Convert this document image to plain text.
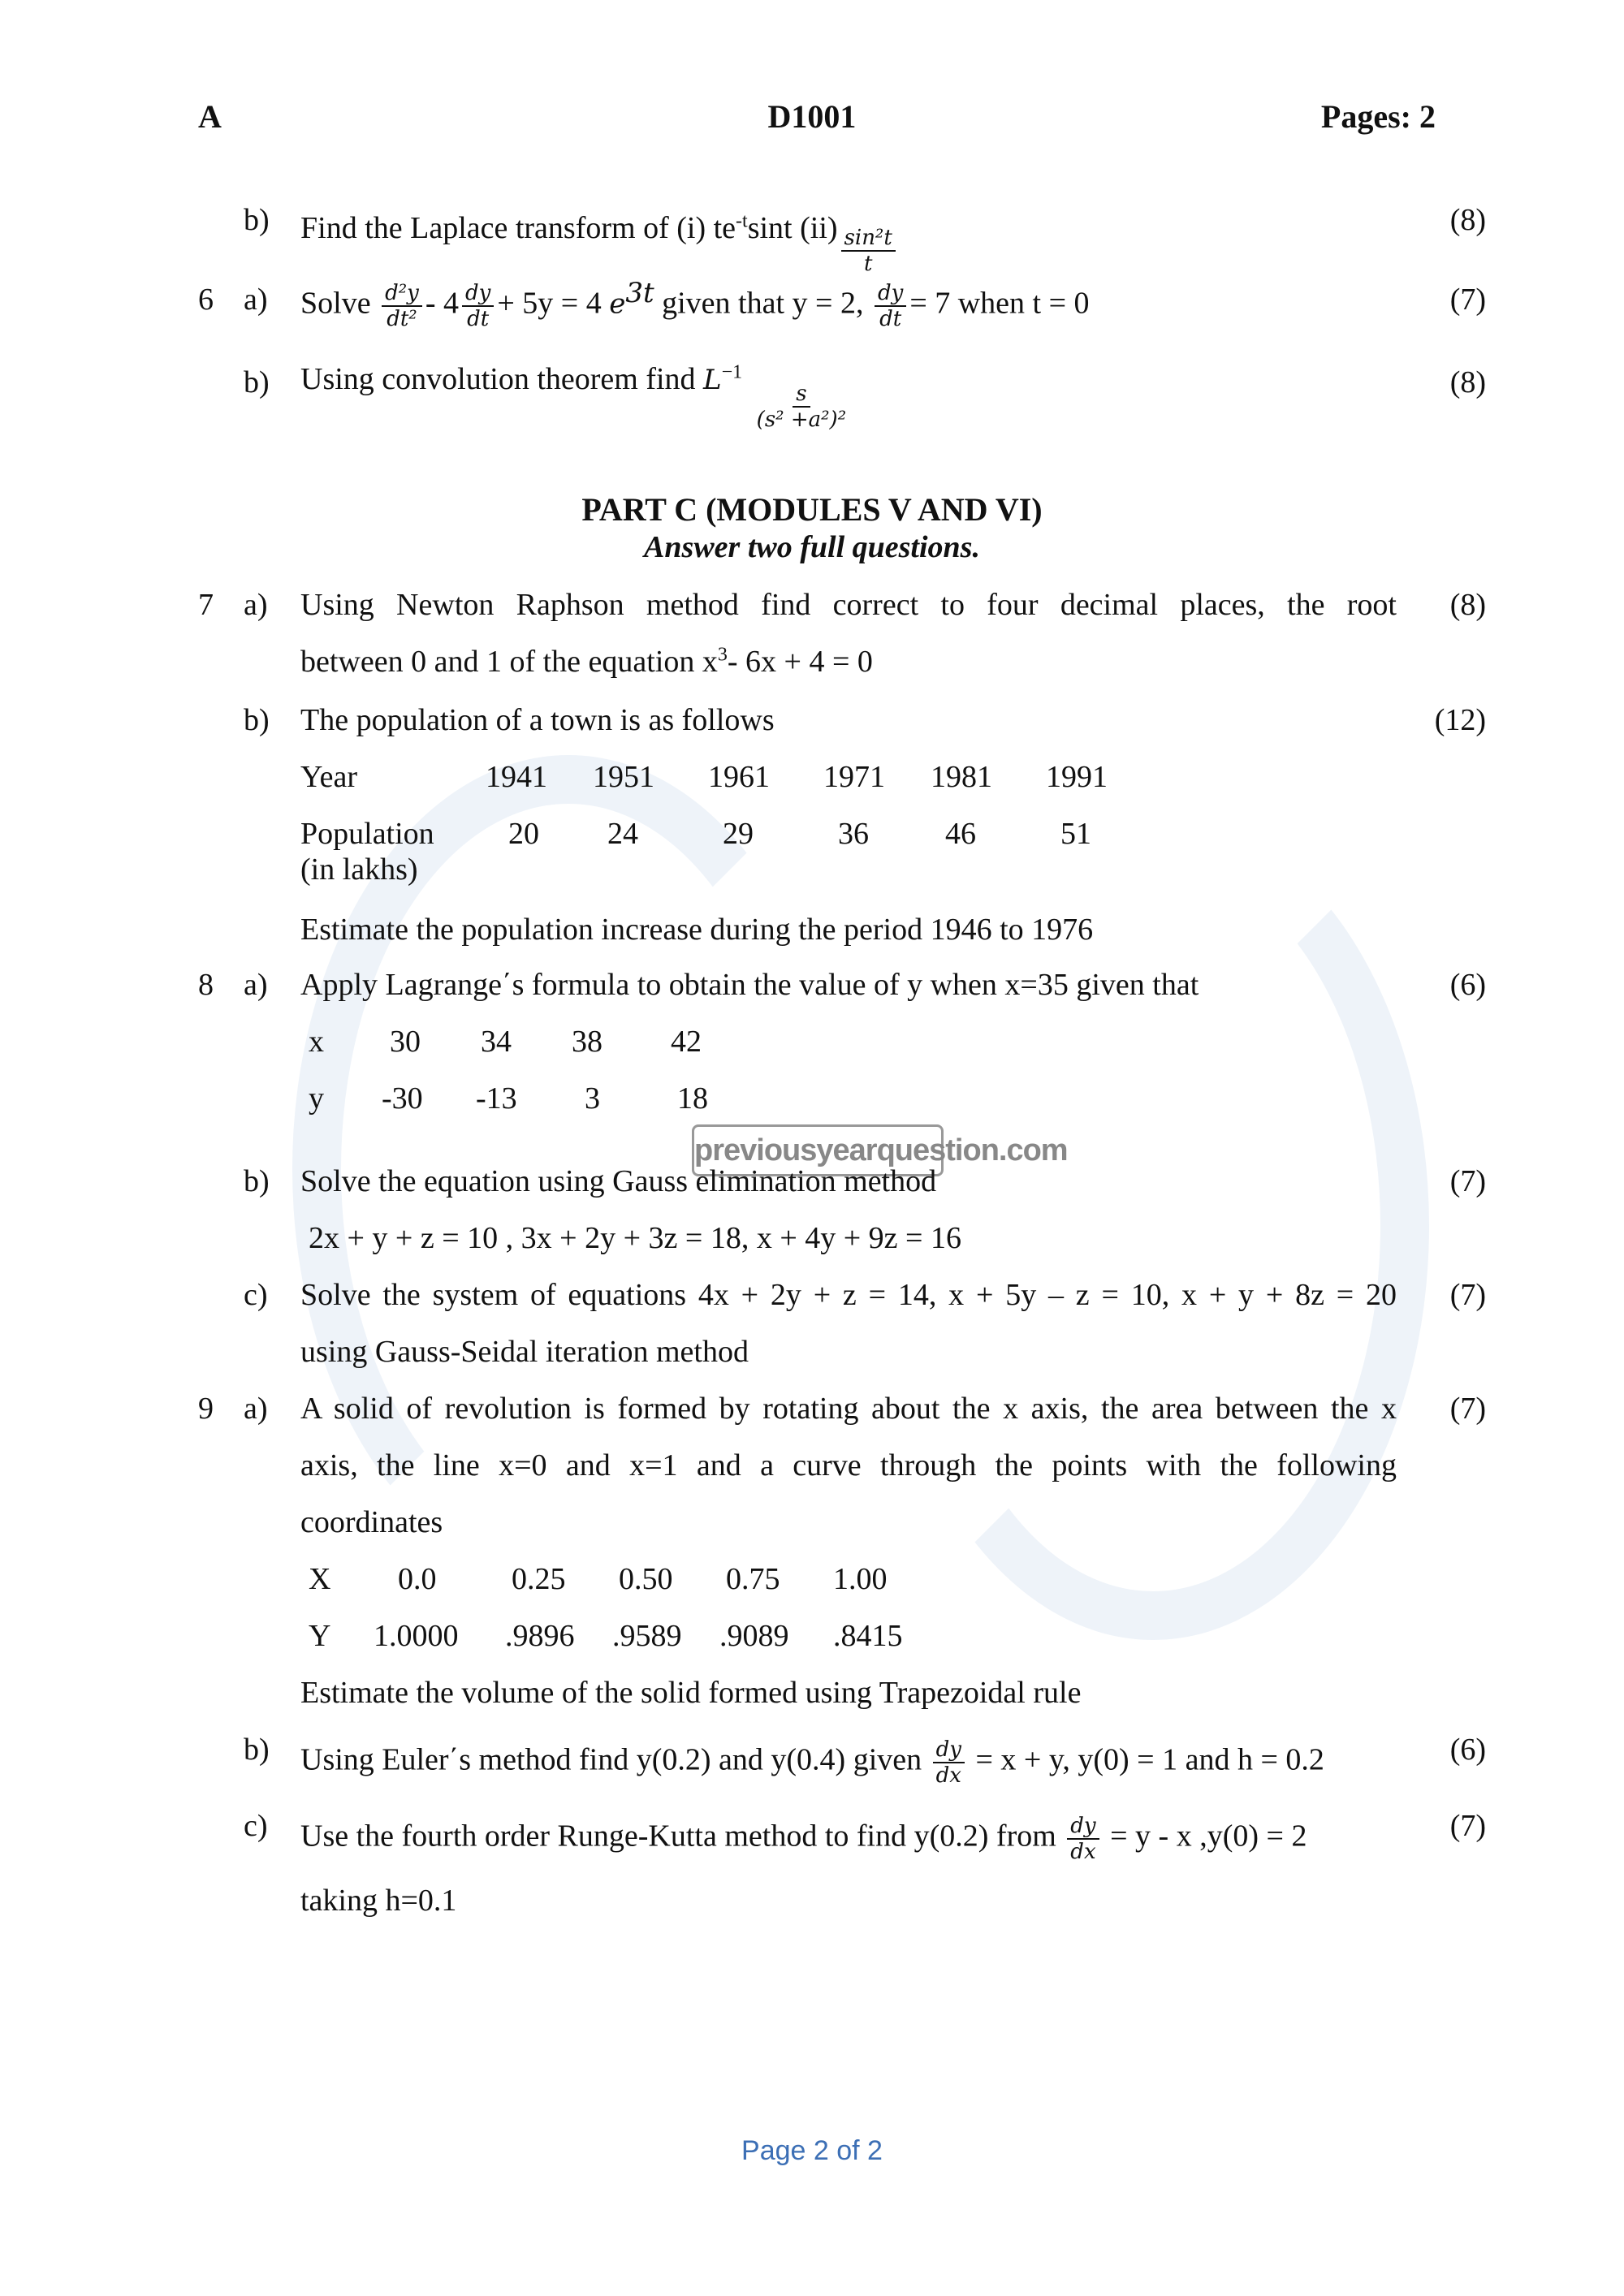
A	D1001	Pages: 2
b) Find the Laplace transform of (i) $te^{-t}\sin t$ $(ii) \frac{\text{sin²t}}{t}$
(8)
6 a) Solve $\frac{\text{d²y}}{\text{dt²}} - 4 \frac{dy}{dt} + 5y = 4$ $e^{3t}$ given that y = 2, $\frac{dy}{dt} = 7$ when t = 0	(7)
b) Using convolution theorem find $L^{-1}$
$\frac{s}{\text{(s² +a²)²}}$	(8)
PART C (MODULES V AND VI)
Answer two full questions.
7 a) Using Newton Raphson method find correct to four decimal places, the root
between 0 and 1 of the equation $x^3-$ 6x + 4 = 0
(8)
b) The population of a town is as follows	(12)
Year	1941 1951 1961 1971 1981 1991
Population
(in lakhs)
20 24	29	36 46	51
Estimate the population increase during the period 1946 to 1976
8 a) Apply Lagrange΄s formula to obtain the value of y when x=35 given that	(6)
x 30 34 38 42
y -30 -13 3	18
previousyearquestion.com
b) Solve the equation using Gauss elimination method	(7)
2x + y + z = 10 , 3x + 2y + 3z = 18, x + 4y + 9z = 16
c) Solve the system of equations 4x + 2y + z = 14, x + 5y – z = 10, x + y + 8z = 20 (7)
using Gauss-Seidal iteration method
9 a) A solid of revolution is formed by rotating about the x axis, the area between the x
axis, the line x=0 and x=1 and a curve through the points with the following
coordinates
(7)
X 0.0 0.25 0.50 0.75 1.00
Y 1.0000 .9896 .9589 .9089 .8415
Estimate the volume of the solid formed using Trapezoidal rule
b) Using Euler΄s method find y(0.2) and y(0.4) given $\frac{dy}{dx} = x + y$, y(0) = 1 and h = 0.2	(6)
c) Use the fourth order Runge-Kutta method to find y(0.2) from $\frac{dy}{dx} = y - x$ ,y(0) = 2	(7)
taking h=0.1
Page 2 of 2
